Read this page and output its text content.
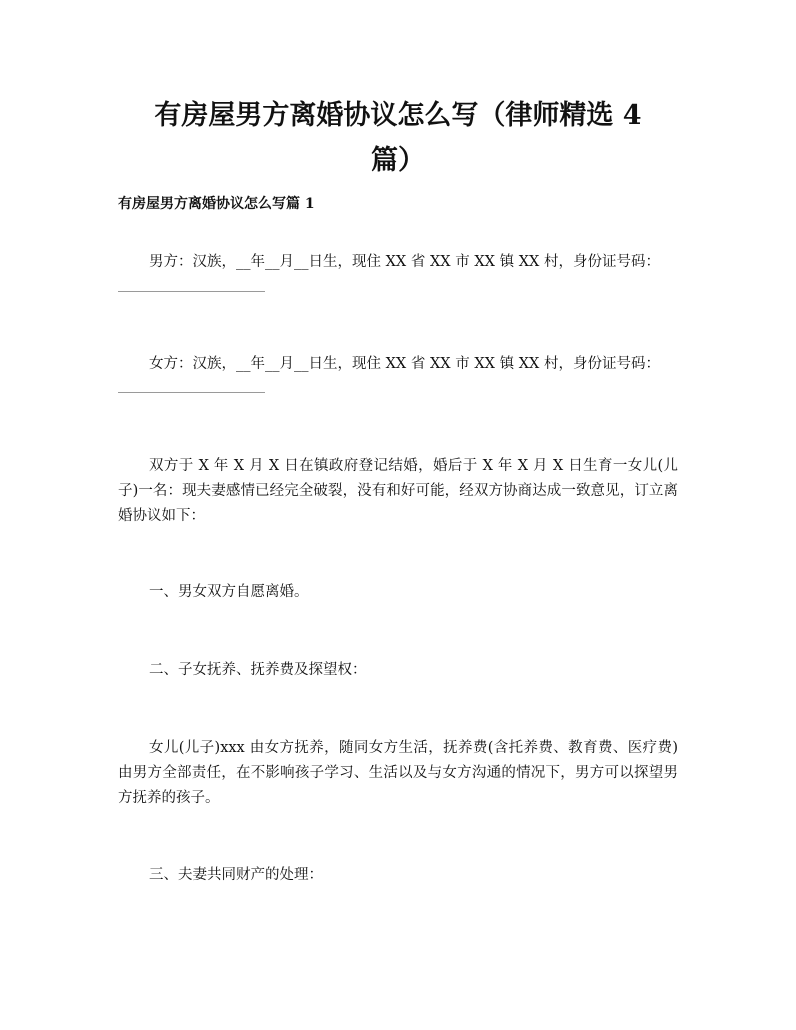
有房屋男方离婚协议怎么写（律师精选 4
篇）
有房屋男方离婚协议怎么写篇 1

男方：汉族，__年__月__日生，现住 XX 省 XX 市 XX 镇 XX 村，身份证号码：

女方：汉族，__年__月__日生，现住 XX 省 XX 市 XX 镇 XX 村，身份证号码：

双方于 X 年 X 月 X 日在镇政府登记结婚，婚后于 X 年 X 月 X 日生育一女儿(儿子)一名：现夫妻感情已经完全破裂，没有和好可能，经双方协商达成一致意见，订立离婚协议如下：

一、男女双方自愿离婚。

二、子女抚养、抚养费及探望权：

女儿(儿子)xxx 由女方抚养，随同女方生活，抚养费(含托养费、教育费、医疗费)由男方全部责任，在不影响孩子学习、生活以及与女方沟通的情况下，男方可以探望男方抚养的孩子。

三、夫妻共同财产的处理：
